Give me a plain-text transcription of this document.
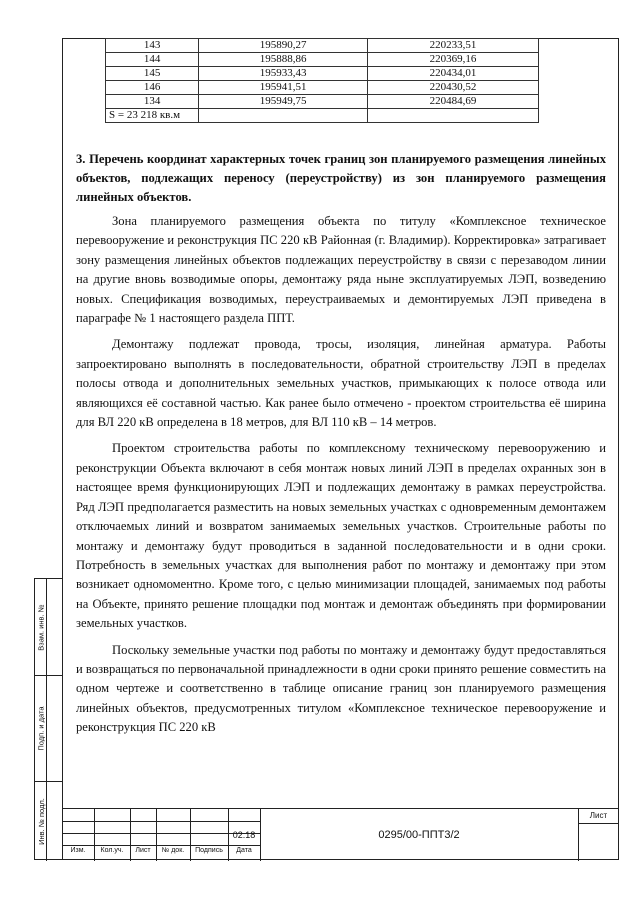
143	195890,27	220233,51
144	195888,86	220369,16
145	195933,43	220434,01
146	195941,51	220430,52
134	195949,75	220484,69
S = 23 218 кв.м		
3. Перечень координат характерных точек границ зон планируемого размещения линейных объектов, подлежащих переносу (переустройству) из зон планируемого размещения линейных объектов.

Зона планируемого размещения объекта по титулу «Комплексное техническое перевооружение и реконструкция ПС 220 кВ Районная (г. Владимир). Корректировка» затрагивает зону размещения линейных объектов подлежащих переустройству в связи с перезаводом линии на другие вновь возводимые опоры, демонтажу ряда ныне эксплуатируемых ЛЭП, возведению новых. Спецификация возводимых, переустраиваемых и демонтируемых ЛЭП приведена в параграфе № 1 настоящего раздела ППТ.

Демонтажу подлежат провода, тросы, изоляция, линейная арматура. Работы запроектировано выполнять в последовательности, обратной строительству ЛЭП в пределах полосы отвода и дополнительных земельных участков, примыкающих к полосе отвода или являющихся её составной частью. Как ранее было отмечено - проектом строительства её ширина для ВЛ 220 кВ определена в 18 метров, для ВЛ 110 кВ – 14 метров.

Проектом строительства работы по комплексному техническому перевооружению и реконструкции Объекта включают в себя монтаж новых линий ЛЭП в пределах охранных зон в настоящее время функционирующих ЛЭП и подлежащих демонтажу в рамках переустройства. Ряд ЛЭП предполагается разместить на новых земельных участках с одновременным демонтажем отключаемых линий и возвратом занимаемых земельных участков. Строительные работы по монтажу и демонтажу будут проводиться в заданной последовательности и в одни сроки. Потребность в земельных участках для выполнения работ по монтажу и демонтажу при этом возникает одномоментно. Кроме того, с целью минимизации площадей, занимаемых под работы на Объекте, принято решение площадки под монтаж и демонтаж объединять при формировании земельных участков.

Поскольку земельные участки под работы по монтажу и демонтажу будут предоставляться и возвращаться по первоначальной принадлежности в одни сроки принято решение совместить на одном чертеже и соответственно в таблице описание границ зон планируемого размещения линейных объектов, предусмотренных титулом «Комплексное техническое перевооружение и реконструкция ПС 220 кВ

Взам. инв. №
Подп. и дата
Инв. № подл.
Изм.	Кол.уч.	Лист	№ док.	Подпись	Дата
02.18	0295/00-ППТ3/2
Лист
